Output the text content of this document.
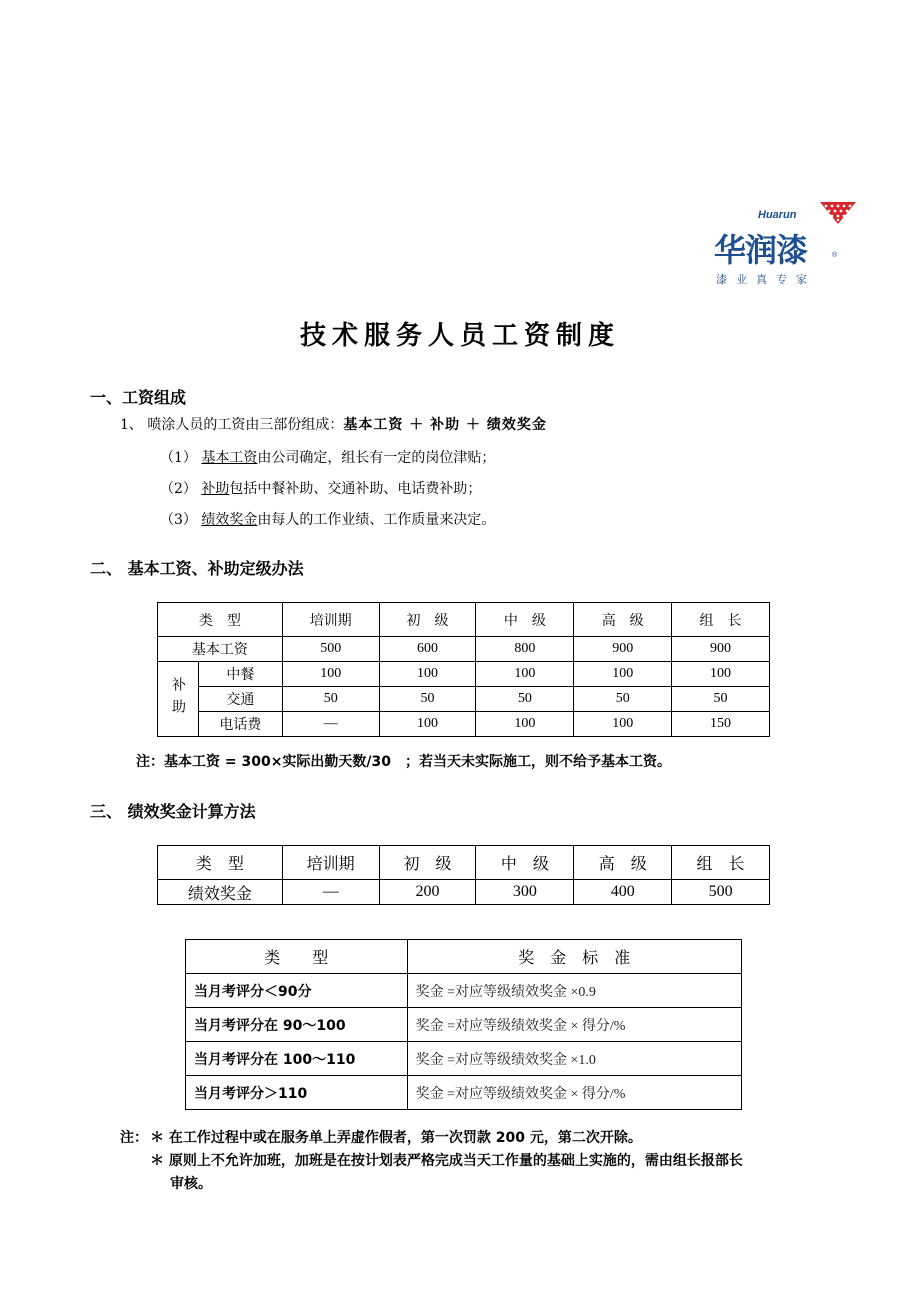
Huarun
华润漆	®
漆业真专家
技术服务人员工资制度
一、工资组成
1、 喷涂人员的工资由三部份组成：基本工资 ＋ 补助 ＋ 绩效奖金
（1） 基本工资由公司确定，组长有一定的岗位津贴；
（2） 补助包括中餐补助、交通补助、电话费补助；
（3） 绩效奖金由每人的工作业绩、工作质量来决定。
二、 基本工资、补助定级办法
类　型		培训期	初　级	中　级	高　级	组　长
基本工资		500	600	800	900	900
补助	中餐	100	100	100	100	100
	交通	50	50	50	50	50
	电话费	—	100	100	100	150
注：基本工资 = 300×实际出勤天数/30　；若当天未实际施工，则不给予基本工资。
三、 绩效奖金计算方法
类　型	培训期	初　级	中　级	高　级	组　长
绩效奖金	—	200	300	400	500
类　　型	奖　金　标　准
当月考评分＜90分	奖金 =对应等级绩效奖金 ×0.9
当月考评分在 90～100	奖金 =对应等级绩效奖金 × 得分/%
当月考评分在 100～110	奖金 =对应等级绩效奖金 ×1.0
当月考评分＞110	奖金 =对应等级绩效奖金 × 得分/%
注： ＊ 在工作过程中或在服务单上弄虚作假者，第一次罚款 200 元，第二次开除。
＊ 原则上不允许加班，加班是在按计划表严格完成当天工作量的基础上实施的，需由组长报部长
审核。
